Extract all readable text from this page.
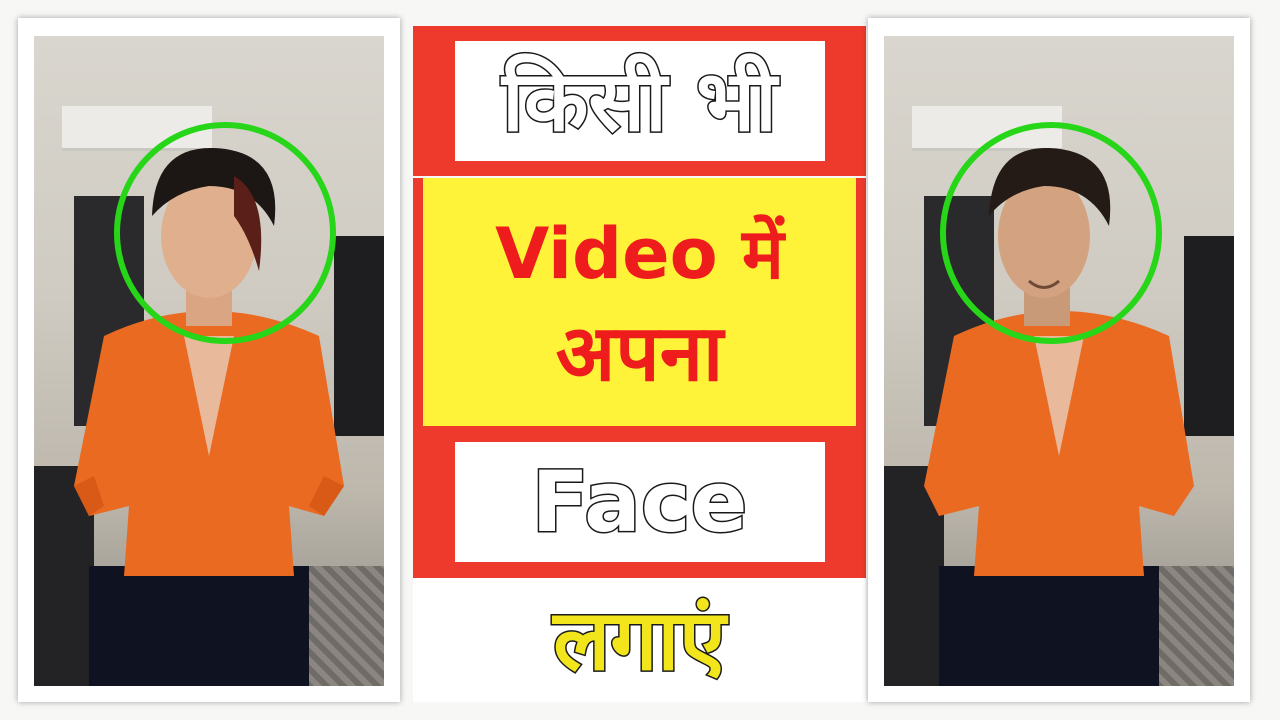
किसी भी
Video में
अपना
Face
लगाएं
